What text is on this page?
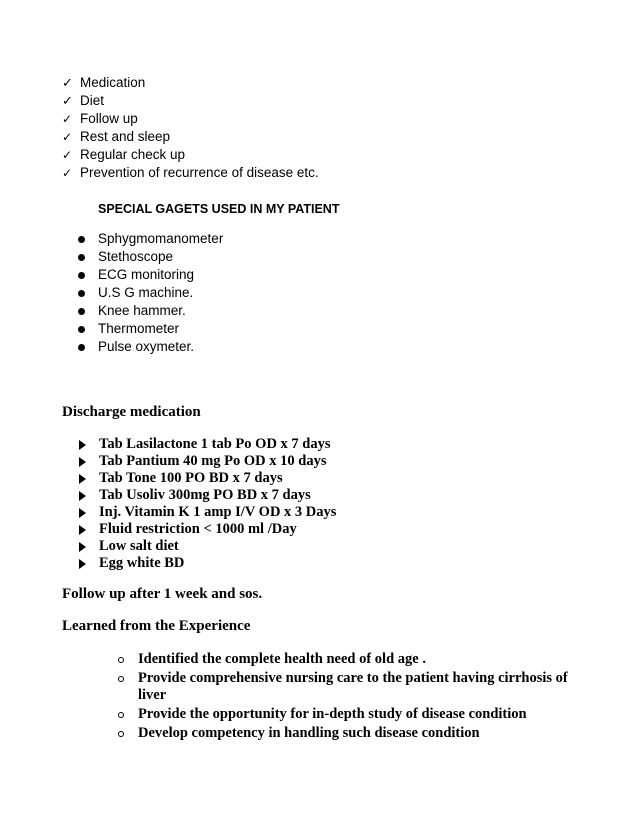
✓ Medication
✓ Diet
✓ Follow up
✓ Rest and sleep
✓ Regular check up
✓ Prevention of recurrence of disease etc.
SPECIAL GAGETS USED IN MY PATIENT
Sphygmomanometer
Stethoscope
ECG monitoring
U.S G machine.
Knee hammer.
Thermometer
Pulse oxymeter.
Discharge medication
Tab Lasilactone 1 tab Po OD x 7 days
Tab Pantium 40 mg Po OD x 10 days
Tab Tone 100 PO BD x 7 days
Tab Usoliv 300mg PO BD x 7 days
Inj. Vitamin K 1 amp I/V OD x 3 Days
Fluid restriction < 1000 ml /Day
Low salt diet
Egg white BD
Follow up after 1 week and sos.
Learned from the Experience
Identified the complete health need of old age .
Provide comprehensive nursing care to the patient having cirrhosis of liver
Provide the opportunity for in-depth study of disease condition
Develop competency in handling such disease condition
